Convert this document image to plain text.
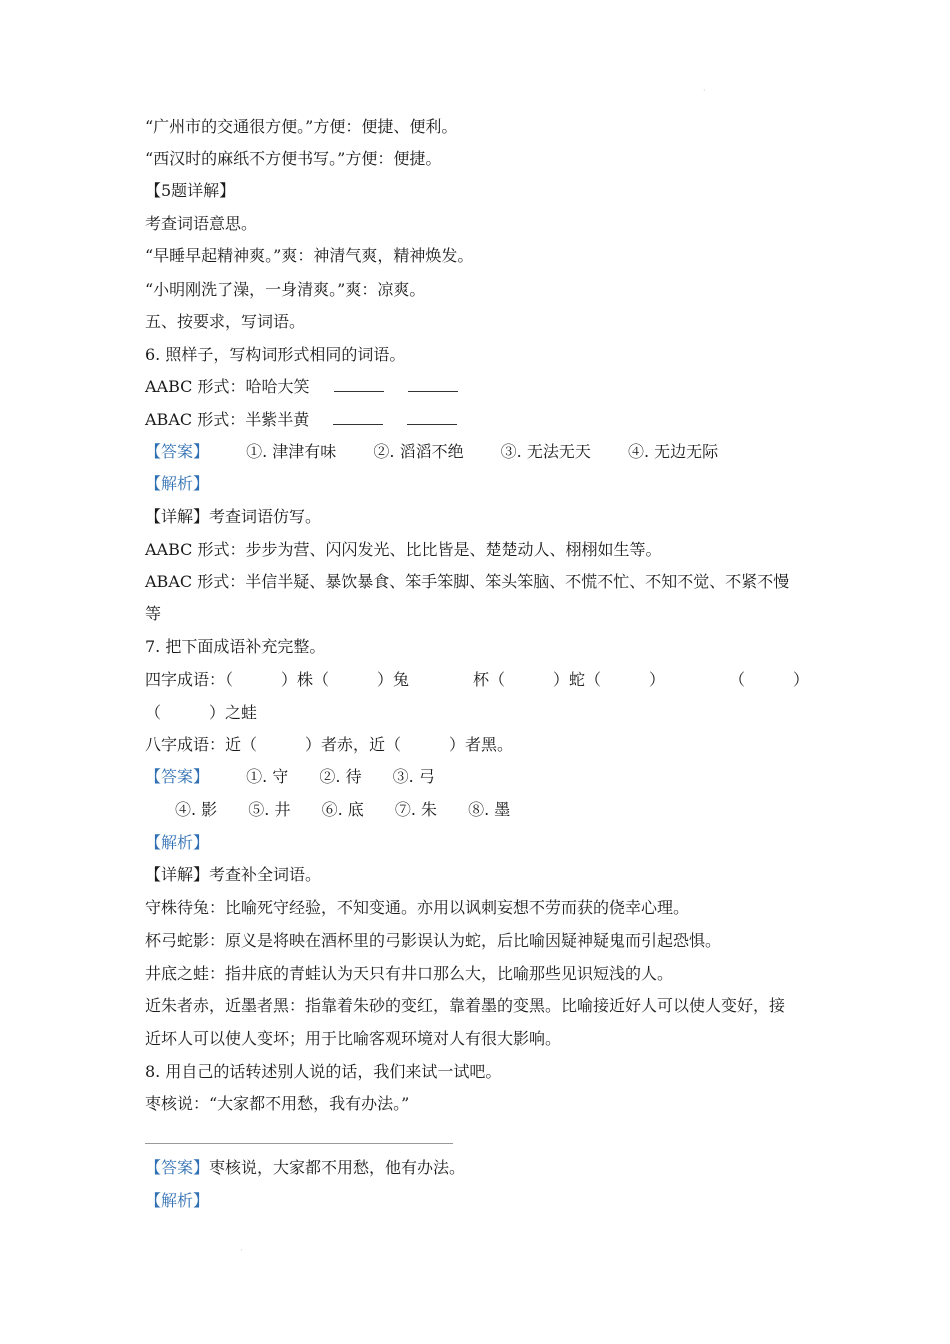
·
“广州市的交通很方便。”方便：便捷、便利。
“西汉时的麻纸不方便书写。”方便：便捷。
【5题详解】
考查词语意思。
“早睡早起精神爽。”爽：神清气爽，精神焕发。
“小明刚洗了澡，一身清爽。”爽：凉爽。
五、按要求，写词语。
6. 照样子，写构词形式相同的词语。
AABC 形式：哈哈大笑
ABAC 形式：半紫半黄
【答案】 ①. 津津有味 ②. 滔滔不绝 ③. 无法无天 ④. 无边无际
【解析】
【详解】考查词语仿写。
AABC 形式：步步为营、闪闪发光、比比皆是、楚楚动人、栩栩如生等。
ABAC 形式：半信半疑、暴饮暴食、笨手笨脚、笨头笨脑、不慌不忙、不知不觉、不紧不慢
等
7. 把下面成语补充完整。
四字成语：（　　　）株（　　　）兔　　　　杯（　　　）蛇（　　　）　　　　　（　　　）
（　　　）之蛙
八字成语：近（　　　）者赤，近（　　　）者黑。
【答案】 ①. 守 ②. 待 ③. 弓
④. 影 ⑤. 井 ⑥. 底 ⑦. 朱 ⑧. 墨
【解析】
【详解】考查补全词语。
守株待兔：比喻死守经验，不知变通。亦用以讽刺妄想不劳而获的侥幸心理。
杯弓蛇影：原义是将映在酒杯里的弓影误认为蛇，后比喻因疑神疑鬼而引起恐惧。
井底之蛙：指井底的青蛙认为天只有井口那么大，比喻那些见识短浅的人。
近朱者赤，近墨者黑：指靠着朱砂的变红，靠着墨的变黑。比喻接近好人可以使人变好，接
近坏人可以使人变坏；用于比喻客观环境对人有很大影响。
8. 用自己的话转述别人说的话，我们来试一试吧。
枣核说：“大家都不用愁，我有办法。”
【答案】枣核说，大家都不用愁，他有办法。
【解析】
·
